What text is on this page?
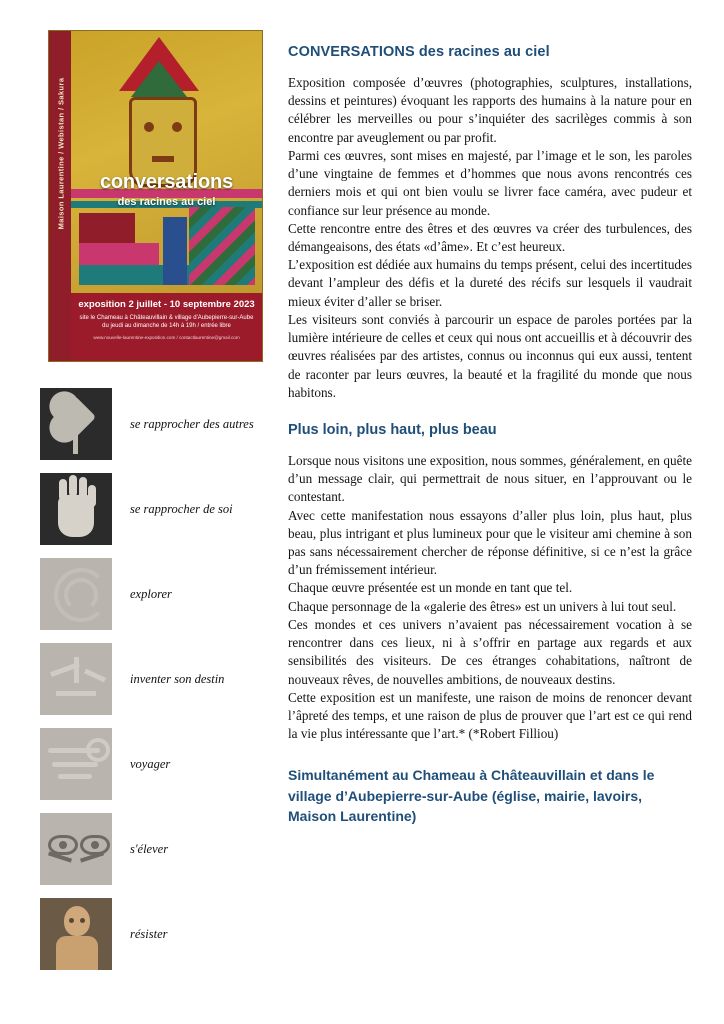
Maison Laurentine / Webistan / Sakura	conversations
des racines au ciel
exposition 2 juillet - 10 septembre 2023
site le Chameau à Châteauvillain & village d'Aubepierre-sur-Aube du jeudi au dimanche de 14h à 19h / entrée libre
www.nouvelle-laurentine-exposition.com / contactlaurentine@gmail.com
se rapprocher des autres
se rapprocher de soi
explorer
inventer son destin
voyager
s'élever
résister
CONVERSATIONS des racines au ciel

Exposition composée d’œuvres (photographies, sculptures, installations, dessins et peintures) évoquant les rapports des humains à la nature pour en célébrer les merveilles ou pour s’inquiéter des sacrilèges commis à son encontre par aveuglement ou par profit.

Parmi ces œuvres, sont mises en majesté, par l’image et le son, les paroles d’une vingtaine de femmes et d’hommes que nous avons rencontrés ces derniers mois et qui ont bien voulu se livrer face caméra, avec pudeur et confiance sur leur présence au monde.

Cette rencontre entre des êtres et des œuvres va créer des turbulences, des démangeaisons, des états «d’âme». Et c’est heureux.

L’exposition est dédiée aux humains du temps présent, celui des incertitudes devant l’ampleur des défis et la dureté des récifs sur lesquels il vaudrait mieux éviter d’aller se briser.

Les visiteurs sont conviés à parcourir un espace de paroles portées par la lumière intérieure de celles et ceux qui nous ont accueillis et à découvrir des œuvres réalisées par des artistes, connus ou inconnus qui eux aussi, tentent de raconter par leurs œuvres, la beauté et la fragilité du monde que nous habitons.

Plus loin, plus haut, plus beau

Lorsque nous visitons une exposition, nous sommes, généralement, en quête d’un message clair, qui permettrait de nous situer, en l’approuvant ou le contestant.

Avec cette manifestation nous essayons d’aller plus loin, plus haut, plus beau, plus intrigant et plus lumineux pour que le visiteur ami chemine à son pas sans nécessairement chercher de réponse définitive, si ce n’est la grâce d’un frémissement intérieur.

Chaque œuvre présentée est un monde en tant que tel.

Chaque personnage de la «galerie des êtres» est un univers à lui tout seul.

Ces mondes et ces univers n’avaient pas nécessairement vocation à se rencontrer dans ces lieux, ni à s’offrir en partage aux regards et aux sensibilités des visiteurs. De ces étranges cohabitations, naîtront de nouveaux rêves, de nouvelles ambitions, de nouveaux destins.

Cette exposition est un manifeste, une raison de moins de renoncer devant l’âpreté des temps, et une raison de plus de prouver que l’art est ce qui rend la vie plus intéressante que l’art.* (*Robert Filliou)

Simultanément au Chameau à Châteauvillain et dans le village d’Aubepierre-sur-Aube (église, mairie, lavoirs, Maison Laurentine)
